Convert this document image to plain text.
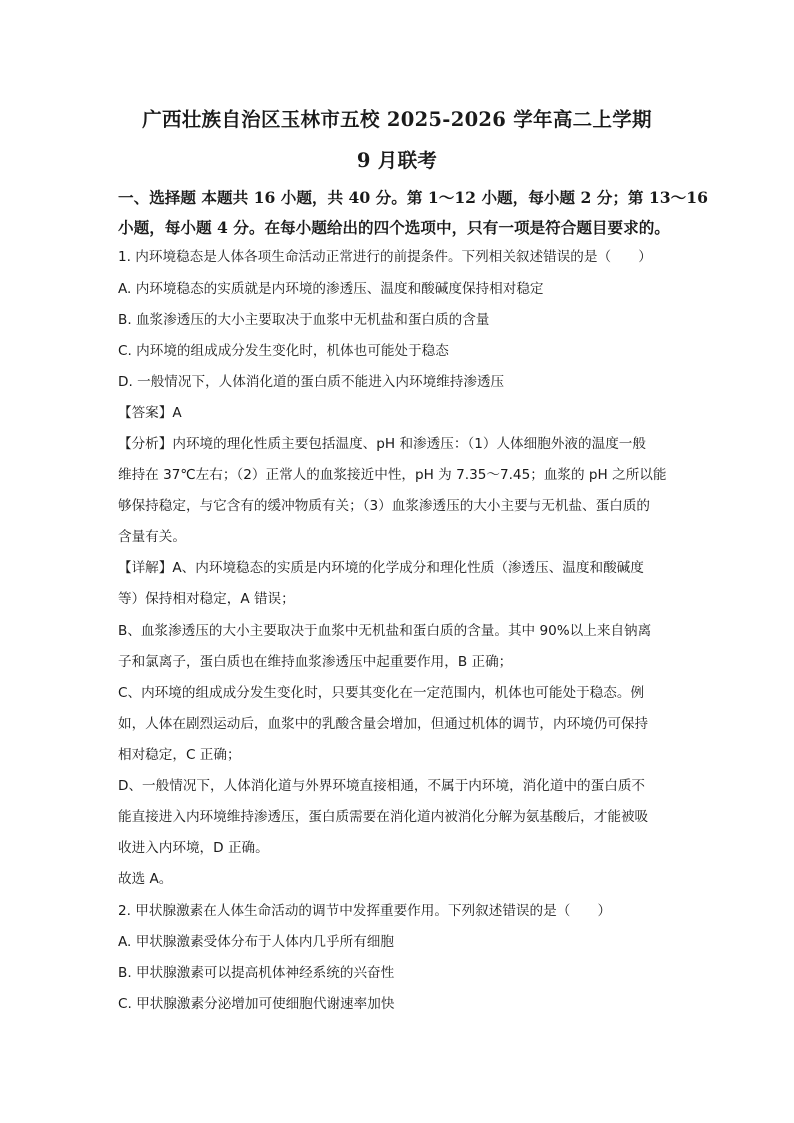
广西壮族自治区玉林市五校 2025-2026 学年高二上学期
9 月联考
一、选择题 本题共 16 小题，共 40 分。第 1～12 小题，每小题 2 分；第 13～16
小题，每小题 4 分。在每小题给出的四个选项中，只有一项是符合题目要求的。
1. 内环境稳态是人体各项生命活动正常进行的前提条件。下列相关叙述错误的是（　　）
A. 内环境稳态的实质就是内环境的渗透压、温度和酸碱度保持相对稳定
B. 血浆渗透压的大小主要取决于血浆中无机盐和蛋白质的含量
C. 内环境的组成成分发生变化时，机体也可能处于稳态
D. 一般情况下，人体消化道的蛋白质不能进入内环境维持渗透压
【答案】A
【分析】内环境的理化性质主要包括温度、pH 和渗透压：（1）人体细胞外液的温度一般
维持在 37℃左右；（2）正常人的血浆接近中性，pH 为 7.35～7.45；血浆的 pH 之所以能
够保持稳定，与它含有的缓冲物质有关；（3）血浆渗透压的大小主要与无机盐、蛋白质的
含量有关。
【详解】A、内环境稳态的实质是内环境的化学成分和理化性质（渗透压、温度和酸碱度
等）保持相对稳定，A 错误；
B、血浆渗透压的大小主要取决于血浆中无机盐和蛋白质的含量。其中 90%以上来自钠离
子和氯离子，蛋白质也在维持血浆渗透压中起重要作用，B 正确；
C、内环境的组成成分发生变化时，只要其变化在一定范围内，机体也可能处于稳态。例
如，人体在剧烈运动后，血浆中的乳酸含量会增加，但通过机体的调节，内环境仍可保持
相对稳定，C 正确；
D、一般情况下，人体消化道与外界环境直接相通，不属于内环境，消化道中的蛋白质不
能直接进入内环境维持渗透压，蛋白质需要在消化道内被消化分解为氨基酸后，才能被吸
收进入内环境，D 正确。
故选 A。
2. 甲状腺激素在人体生命活动的调节中发挥重要作用。下列叙述错误的是（　　）
A. 甲状腺激素受体分布于人体内几乎所有细胞
B. 甲状腺激素可以提高机体神经系统的兴奋性
C. 甲状腺激素分泌增加可使细胞代谢速率加快
